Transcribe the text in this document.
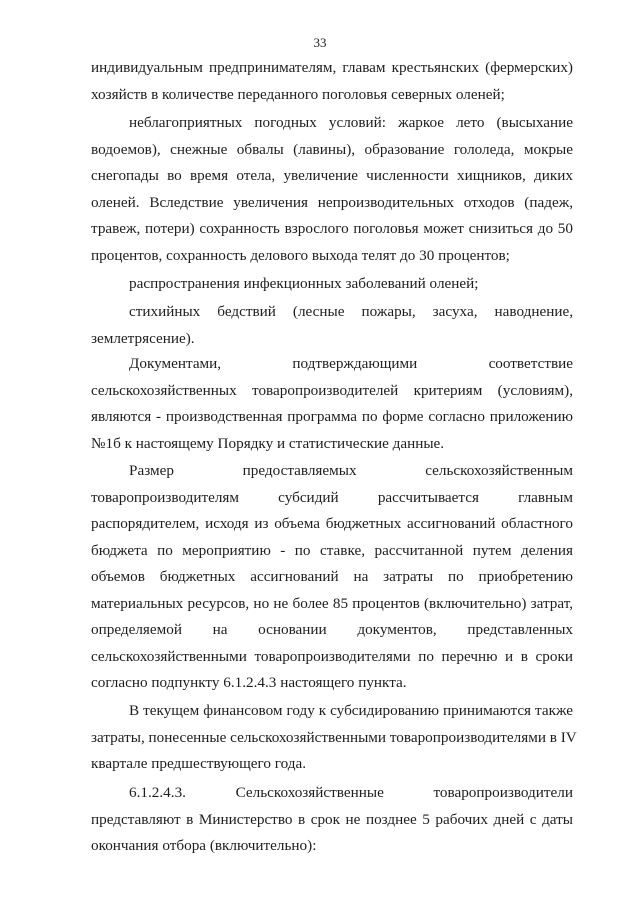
33
индивидуальным предпринимателям, главам крестьянских (фермерских)
хозяйств в количестве переданного поголовья северных оленей;
неблагоприятных погодных условий: жаркое лето (высыхание
водоемов), снежные обвалы (лавины), образование гололеда, мокрые
снегопады во время отела, увеличение численности хищников, диких
оленей. Вследствие увеличения непроизводительных отходов (падеж,
травеж, потери) сохранность взрослого поголовья может снизиться до 50
процентов, сохранность делового выхода телят до 30 процентов;
распространения инфекционных заболеваний оленей;
стихийных бедствий (лесные пожары, засуха, наводнение,
землетрясение).
Документами, подтверждающими соответствие
сельскохозяйственных товаропроизводителей критериям (условиям),
являются - производственная программа по форме согласно приложению
№1б к настоящему Порядку и статистические данные.
Размер предоставляемых сельскохозяйственным
товаропроизводителям субсидий рассчитывается главным
распорядителем, исходя из объема бюджетных ассигнований областного
бюджета по мероприятию - по ставке, рассчитанной путем деления
объемов бюджетных ассигнований на затраты по приобретению
материальных ресурсов, но не более 85 процентов (включительно) затрат,
определяемой на основании документов, представленных
сельскохозяйственными товаропроизводителями по перечню и в сроки
согласно подпункту 6.1.2.4.3 настоящего пункта.
В текущем финансовом году к субсидированию принимаются также
затраты, понесенные сельскохозяйственными товаропроизводителями в IV
квартале предшествующего года.
6.1.2.4.3. Сельскохозяйственные товаропроизводители
представляют в Министерство в срок не позднее 5 рабочих дней с даты
окончания отбора (включительно):
